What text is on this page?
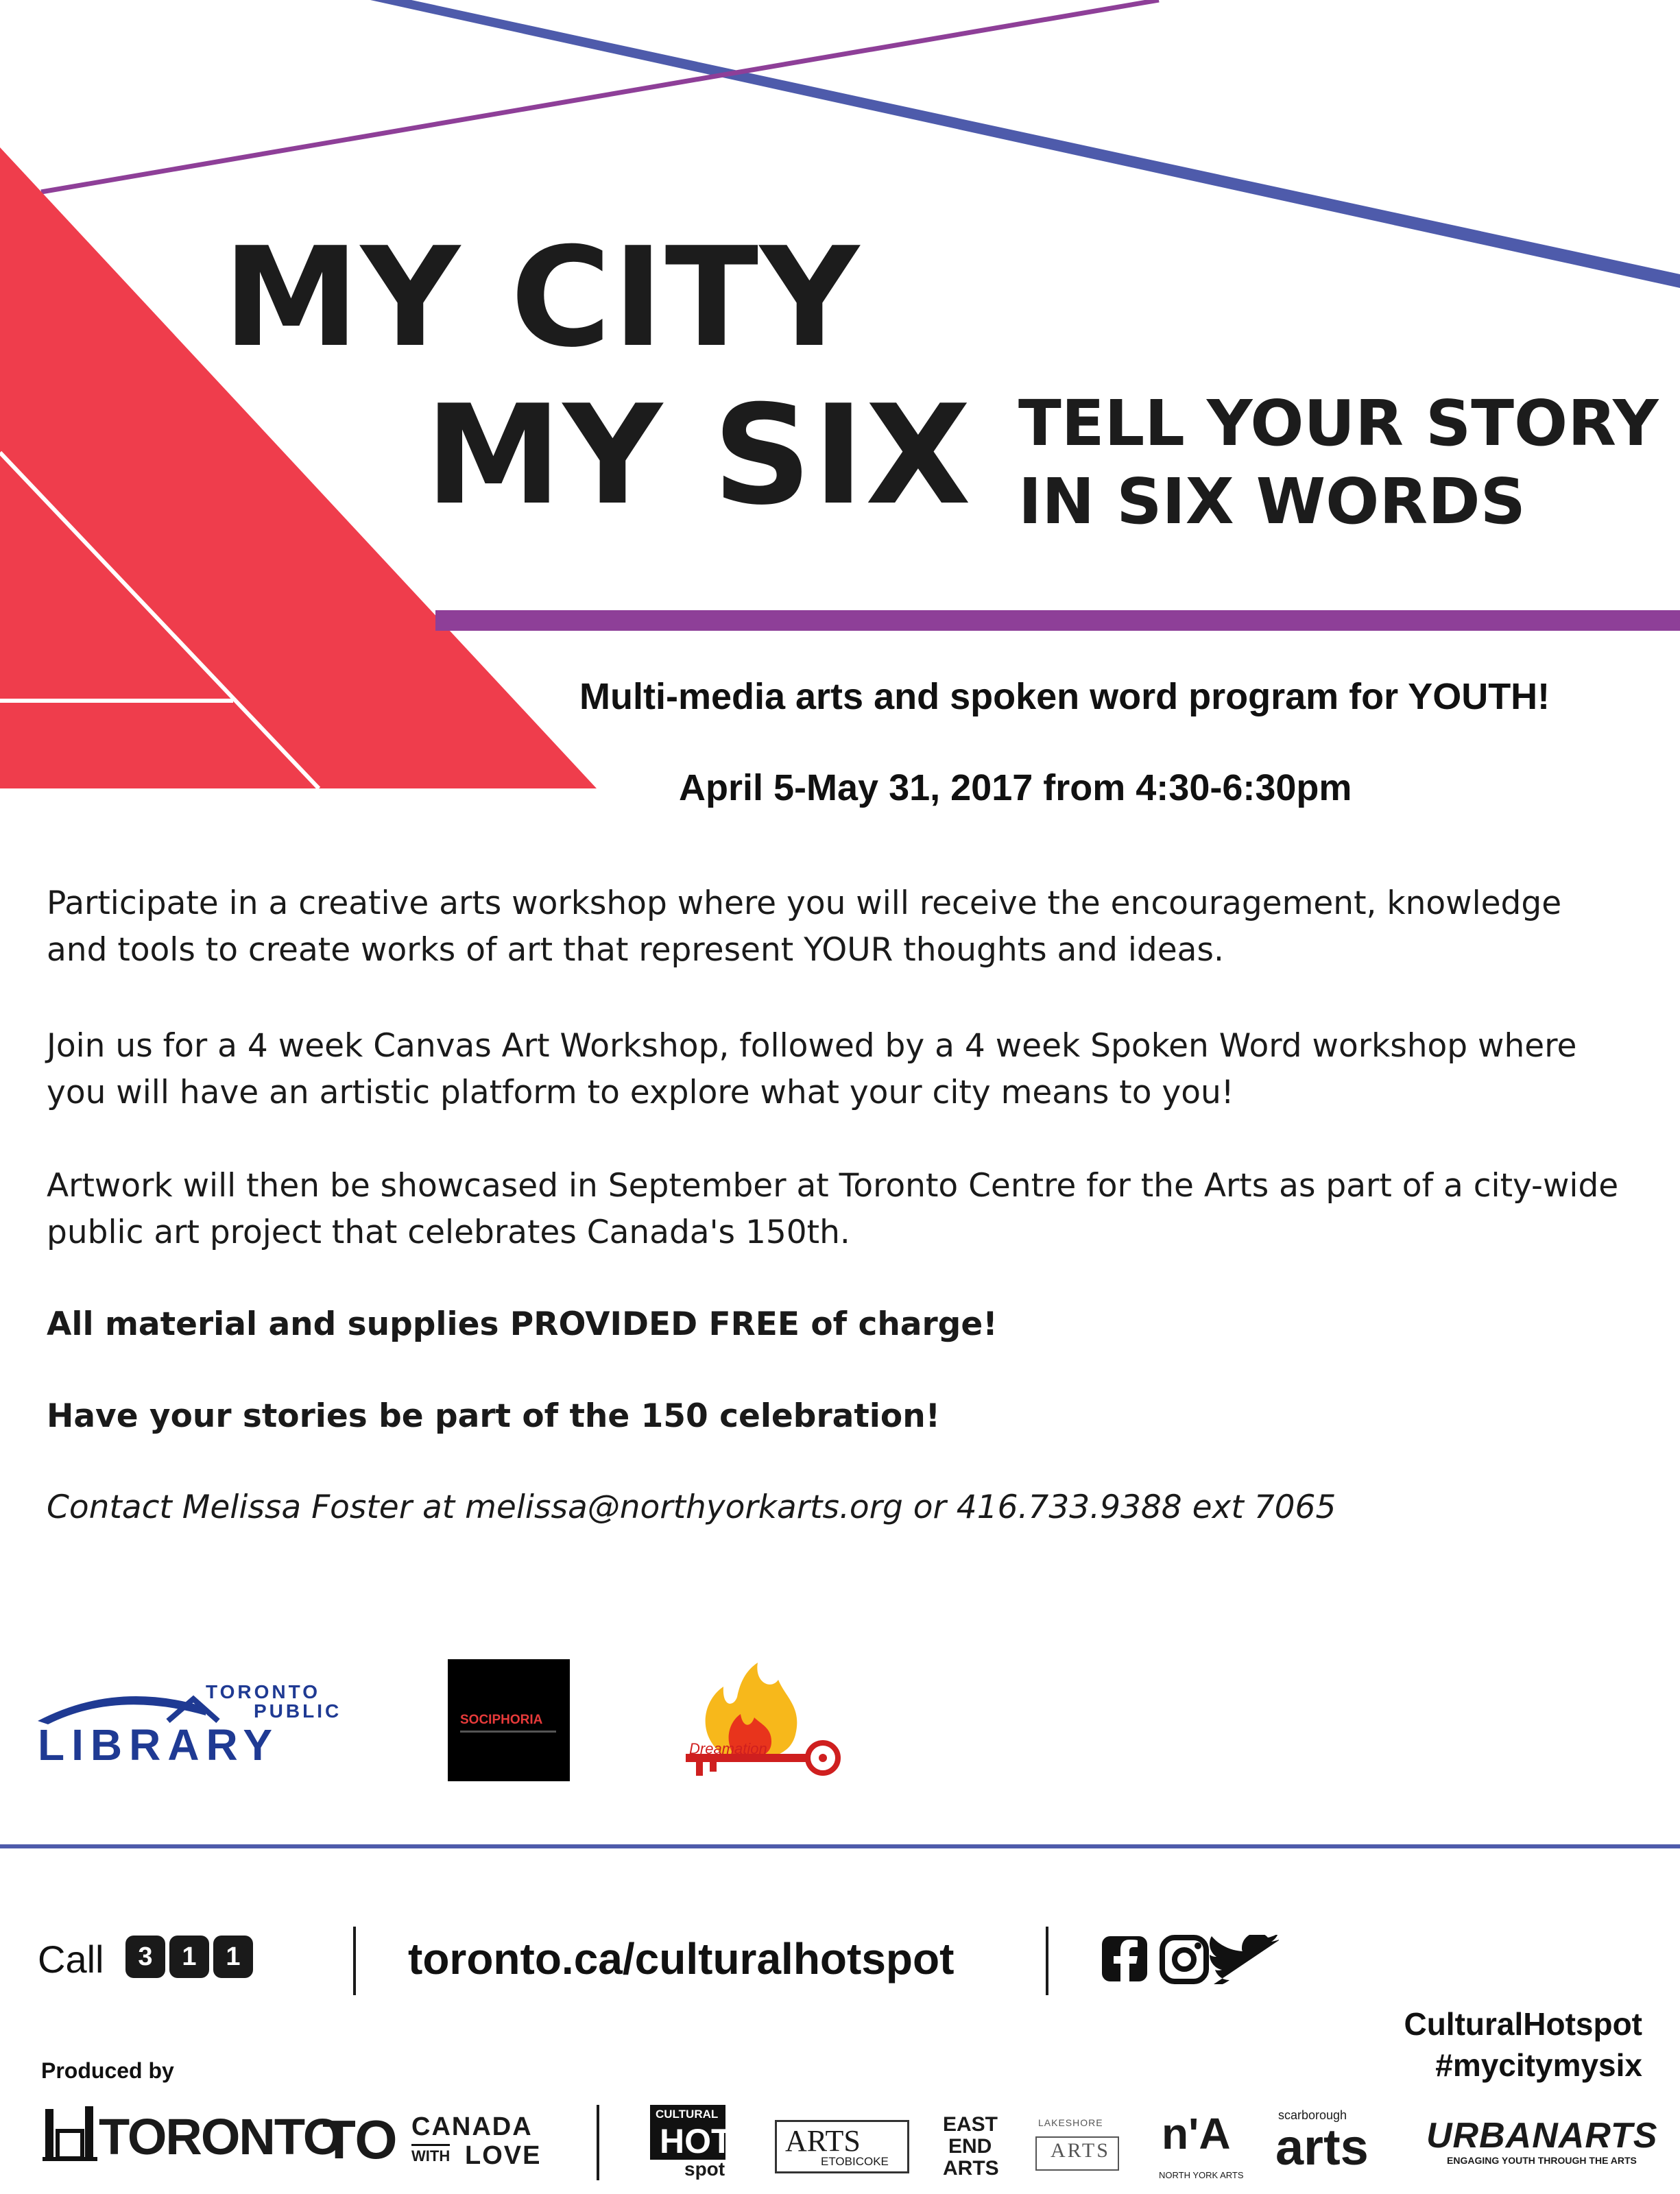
MY CITY
MY SIX TELL YOUR STORY
IN SIX WORDS
Multi-media arts and spoken word program for YOUTH!
April 5-May 31, 2017 from 4:30-6:30pm
Participate in a creative arts workshop where you will receive the encouragement, knowledge and tools to create works of art that represent YOUR thoughts and ideas.
Join us for a 4 week Canvas Art Workshop, followed by a 4 week Spoken Word workshop where you will have an artistic platform to explore what your city means to you!
Artwork will then be showcased in September at Toronto Centre for the Arts as part of a city-wide public art project that celebrates Canada's 150th.
All material and supplies PROVIDED FREE of charge!
Have your stories be part of the 150 celebration!
Contact Melissa Foster at melissa@northyorkarts.org or 416.733.9388 ext 7065
TORONTO
PUBLIC
LIBRARY
SOCIPHORIA
Dreamation
Call	3 1 1	toronto.ca/culturalhotspot
CulturalHotspot
#mycitymysix
Produced by
TORONTO
TO CANADA
WITH LOVE
CULTURAL
HOT
spot
ARTS
ETOBICOKE
EAST
END
ARTS
LAKESHORE
ARTS n'A
NORTH YORK ARTS
scarborough
arts URBANARTS
ENGAGING YOUTH THROUGH THE ARTS
